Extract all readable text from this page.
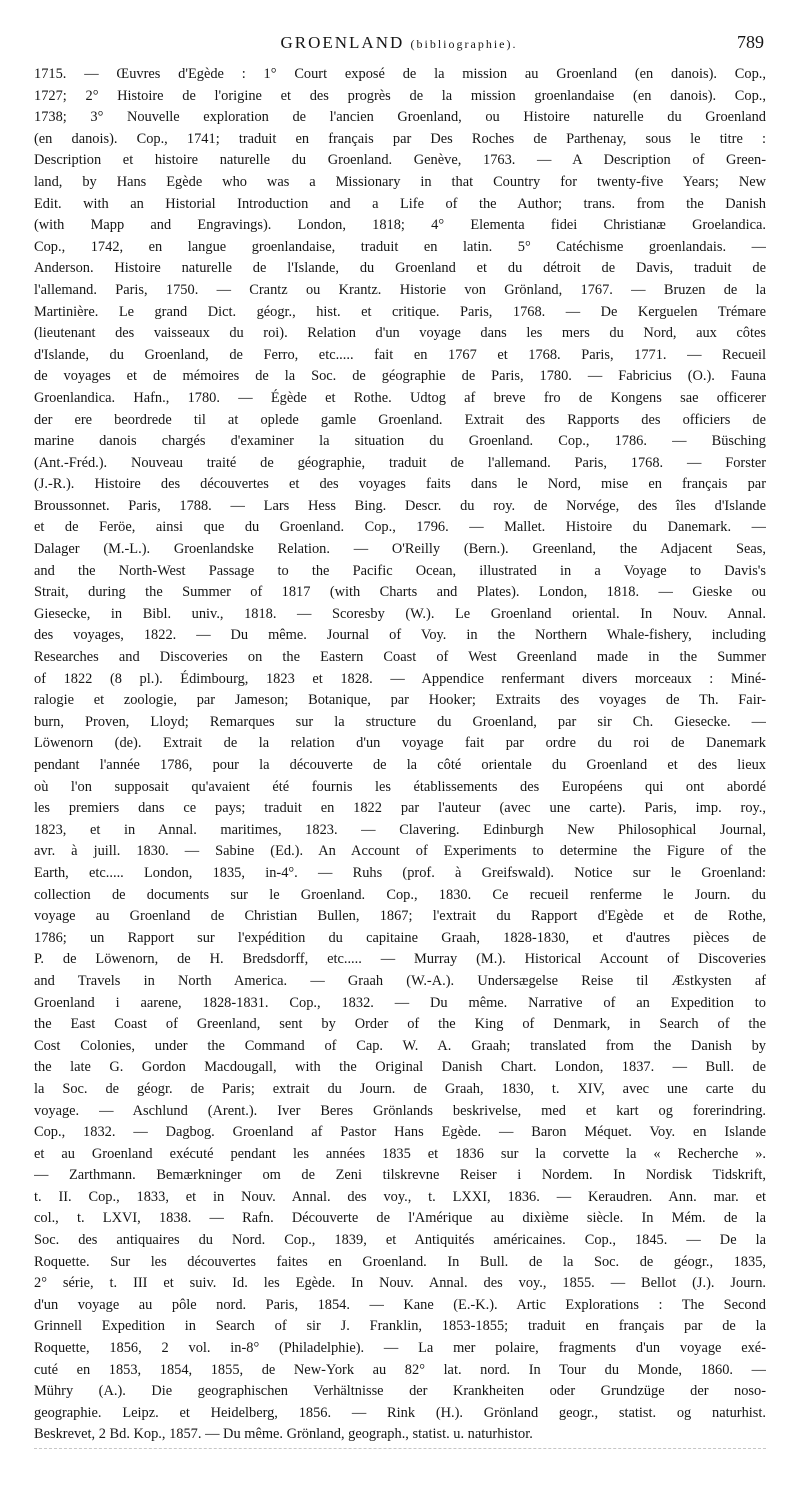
GROENLAND (bibliographie).	789
1715. — Œuvres d'Egède : 1° Court exposé de la mission au Groenland (en danois). Cop.,
1727; 2° Histoire de l'origine et des progrès de la mission groenlandaise (en danois). Cop.,
1738; 3° Nouvelle exploration de l'ancien Groenland, ou Histoire naturelle du Groenland
(en danois). Cop., 1741; traduit en français par Des Roches de Parthenay, sous le titre :
Description et histoire naturelle du Groenland. Genève, 1763. — A Description of Green-
land, by Hans Egède who was a Missionary in that Country for twenty-five Years; New
Edit. with an Historial Introduction and a Life of the Author; trans. from the Danish
(with Mapp and Engravings). London, 1818; 4° Elementa fidei Christianæ Groelandica.
Cop., 1742, en langue groenlandaise, traduit en latin. 5° Catéchisme groenlandais. —
Anderson. Histoire naturelle de l'Islande, du Groenland et du détroit de Davis, traduit de
l'allemand. Paris, 1750. — Crantz ou Krantz. Historie von Grönland, 1767. — Bruzen de la
Martinière. Le grand Dict. géogr., hist. et critique. Paris, 1768. — De Kerguelen Trémare
(lieutenant des vaisseaux du roi). Relation d'un voyage dans les mers du Nord, aux côtes
d'Islande, du Groenland, de Ferro, etc..... fait en 1767 et 1768. Paris, 1771. — Recueil
de voyages et de mémoires de la Soc. de géographie de Paris, 1780. — Fabricius (O.). Fauna
Groenlandica. Hafn., 1780. — Égède et Rothe. Udtog af breve fro de Kongens sae officerer
der ere beordrede til at oplede gamle Groenland. Extrait des Rapports des officiers de
marine danois chargés d'examiner la situation du Groenland. Cop., 1786. — Büsching
(Ant.-Fréd.). Nouveau traité de géographie, traduit de l'allemand. Paris, 1768. — Forster
(J.-R.). Histoire des découvertes et des voyages faits dans le Nord, mise en français par
Broussonnet. Paris, 1788. — Lars Hess Bing. Descr. du roy. de Norvége, des îles d'Islande
et de Feröe, ainsi que du Groenland. Cop., 1796. — Mallet. Histoire du Danemark. —
Dalager (M.-L.). Groenlandske Relation. — O'Reilly (Bern.). Greenland, the Adjacent Seas,
and the North-West Passage to the Pacific Ocean, illustrated in a Voyage to Davis's
Strait, during the Summer of 1817 (with Charts and Plates). London, 1818. — Gieske ou
Giesecke, in Bibl. univ., 1818. — Scoresby (W.). Le Groenland oriental. In Nouv. Annal.
des voyages, 1822. — Du même. Journal of Voy. in the Northern Whale-fishery, including
Researches and Discoveries on the Eastern Coast of West Greenland made in the Summer
of 1822 (8 pl.). Édimbourg, 1823 et 1828. — Appendice renfermant divers morceaux : Miné-
ralogie et zoologie, par Jameson; Botanique, par Hooker; Extraits des voyages de Th. Fair-
burn, Proven, Lloyd; Remarques sur la structure du Groenland, par sir Ch. Giesecke. —
Löwenorn (de). Extrait de la relation d'un voyage fait par ordre du roi de Danemark
pendant l'année 1786, pour la découverte de la côté orientale du Groenland et des lieux
où l'on supposait qu'avaient été fournis les établissements des Européens qui ont abordé
les premiers dans ce pays; traduit en 1822 par l'auteur (avec une carte). Paris, imp. roy.,
1823, et in Annal. maritimes, 1823. — Clavering. Edinburgh New Philosophical Journal,
avr. à juill. 1830. — Sabine (Ed.). An Account of Experiments to determine the Figure of the
Earth, etc..... London, 1835, in-4°. — Ruhs (prof. à Greifswald). Notice sur le Groenland:
collection de documents sur le Groenland. Cop., 1830. Ce recueil renferme le Journ. du
voyage au Groenland de Christian Bullen, 1867; l'extrait du Rapport d'Egède et de Rothe,
1786; un Rapport sur l'expédition du capitaine Graah, 1828-1830, et d'autres pièces de
P. de Löwenorn, de H. Bredsdorff, etc..... — Murray (M.). Historical Account of Discoveries
and Travels in North America. — Graah (W.-A.). Undersægelse Reise til Æstkysten af
Groenland i aarene, 1828-1831. Cop., 1832. — Du même. Narrative of an Expedition to
the East Coast of Greenland, sent by Order of the King of Denmark, in Search of the
Cost Colonies, under the Command of Cap. W. A. Graah; translated from the Danish by
the late G. Gordon Macdougall, with the Original Danish Chart. London, 1837. — Bull. de
la Soc. de géogr. de Paris; extrait du Journ. de Graah, 1830, t. XIV, avec une carte du
voyage. — Aschlund (Arent.). Iver Beres Grönlands beskrivelse, med et kart og forerindring.
Cop., 1832. — Dagbog. Groenland af Pastor Hans Egède. — Baron Méquet. Voy. en Islande
et au Groenland exécuté pendant les années 1835 et 1836 sur la corvette la « Recherche ».
— Zarthmann. Bemærkninger om de Zeni tilskrevne Reiser i Nordem. In Nordisk Tidskrift,
t. II. Cop., 1833, et in Nouv. Annal. des voy., t. LXXI, 1836. — Keraudren. Ann. mar. et
col., t. LXVI, 1838. — Rafn. Découverte de l'Amérique au dixième siècle. In Mém. de la
Soc. des antiquaires du Nord. Cop., 1839, et Antiquités américaines. Cop., 1845. — De la
Roquette. Sur les découvertes faites en Groenland. In Bull. de la Soc. de géogr., 1835,
2° série, t. III et suiv. Id. les Egède. In Nouv. Annal. des voy., 1855. — Bellot (J.). Journ.
d'un voyage au pôle nord. Paris, 1854. — Kane (E.-K.). Artic Explorations : The Second
Grinnell Expedition in Search of sir J. Franklin, 1853-1855; traduit en français par de la
Roquette, 1856, 2 vol. in-8° (Philadelphie). — La mer polaire, fragments d'un voyage exé-
cuté en 1853, 1854, 1855, de New-York au 82° lat. nord. In Tour du Monde, 1860. —
Mühry (A.). Die geographischen Verhältnisse der Krankheiten oder Grundzüge der noso-
geographie. Leipz. et Heidelberg, 1856. — Rink (H.). Grönland geogr., statist. og naturhist.
Beskrevet, 2 Bd. Kop., 1857. — Du même. Grönland, geograph., statist. u. naturhistor.
